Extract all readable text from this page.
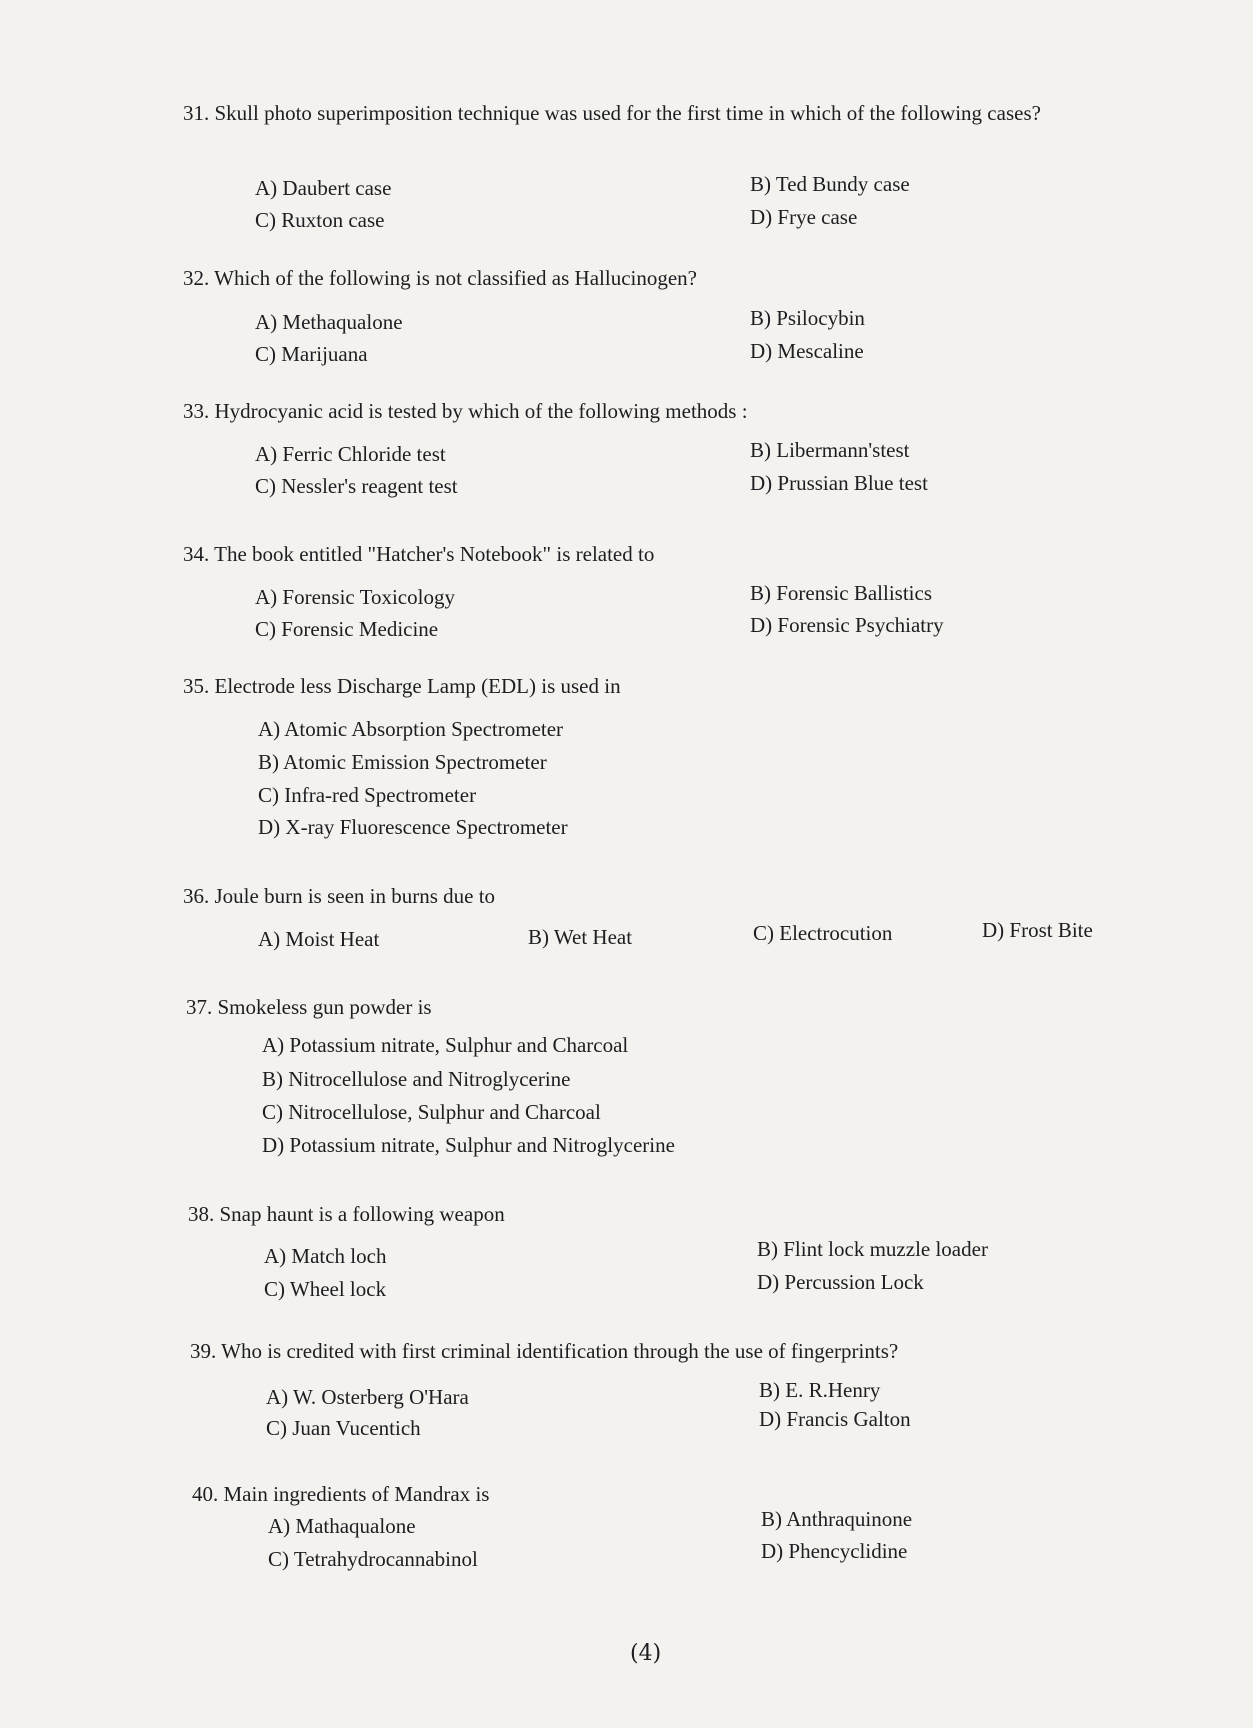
31. Skull photo superimposition technique was used for the first time in which of the following cases?
A) Daubert case	B) Ted Bundy case
C) Ruxton case	D) Frye case
32. Which of the following is not classified as Hallucinogen?
A) Methaqualone	B) Psilocybin
C) Marijuana	D) Mescaline
33. Hydrocyanic acid is tested by which of the following methods :
A) Ferric Chloride test	B) Libermann'stest
C) Nessler's reagent test	D) Prussian Blue test
34. The book entitled "Hatcher's Notebook" is related to
A) Forensic Toxicology	B) Forensic Ballistics
C) Forensic Medicine	D) Forensic Psychiatry
35. Electrode less Discharge Lamp (EDL) is used in
A) Atomic Absorption Spectrometer
B) Atomic Emission Spectrometer
C) Infra-red Spectrometer
D) X-ray Fluorescence Spectrometer
36. Joule burn is seen in burns due to
A) Moist Heat	B) Wet Heat	C) Electrocution	D) Frost Bite
37. Smokeless gun powder is
A) Potassium nitrate, Sulphur and Charcoal
B) Nitrocellulose and Nitroglycerine
C) Nitrocellulose, Sulphur and Charcoal
D) Potassium nitrate, Sulphur and Nitroglycerine
38. Snap haunt is a following weapon
A) Match loch	B) Flint lock muzzle loader
C) Wheel lock	D) Percussion Lock
39. Who is credited with first criminal identification through the use of fingerprints?
A) W. Osterberg O'Hara	B) E. R.Henry
C) Juan Vucentich	D) Francis Galton
40. Main ingredients of Mandrax is
A) Mathaqualone	B) Anthraquinone
C) Tetrahydrocannabinol	D) Phencyclidine
(4)
